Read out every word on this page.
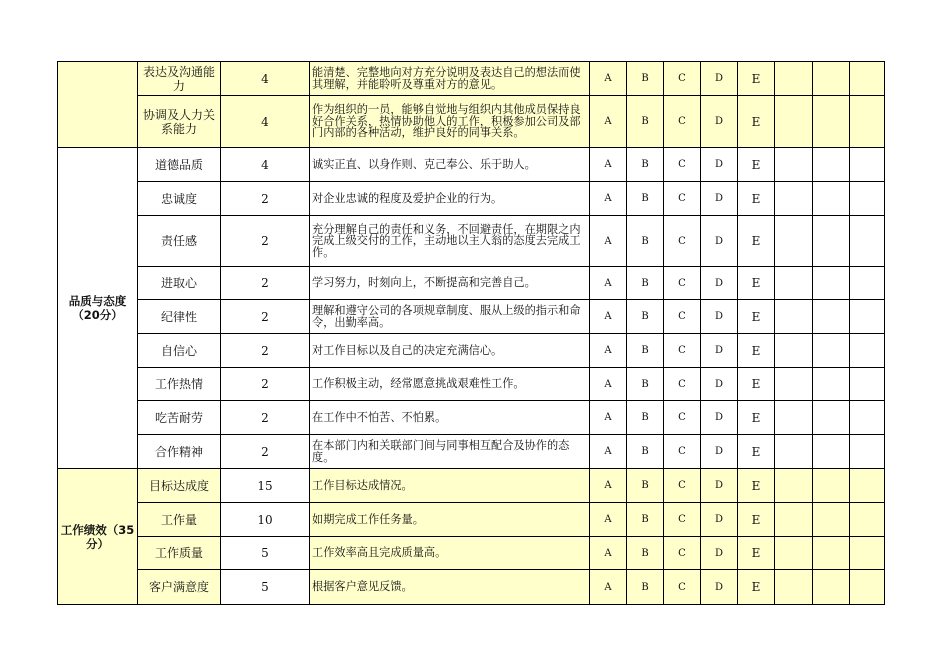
	表达及沟通能力	4	能清楚、完整地向对方充分说明及表达自己的想法而使其理解，并能聆听及尊重对方的意见。	A	B	C	D	E			
	协调及人力关系能力	4	作为组织的一员，能够自觉地与组织内其他成员保持良好合作关系，热情协助他人的工作，积极参加公司及部门内部的各种活动，维护良好的同事关系。	A	B	C	D	E			
品质与态度（20分）	道德品质	4	诚实正直、以身作则、克己奉公、乐于助人。	A	B	C	D	E			
	忠诚度	2	对企业忠诚的程度及爱护企业的行为。	A	B	C	D	E			
	责任感	2	充分理解自己的责任和义务，不回避责任，在期限之内完成上级交付的工作，主动地以主人翁的态度去完成工作。	A	B	C	D	E			
	进取心	2	学习努力，时刻向上，不断提高和完善自己。	A	B	C	D	E			
	纪律性	2	理解和遵守公司的各项规章制度、服从上级的指示和命令，出勤率高。	A	B	C	D	E			
	自信心	2	对工作目标以及自己的决定充满信心。	A	B	C	D	E			
	工作热情	2	工作积极主动，经常愿意挑战艰难性工作。	A	B	C	D	E			
	吃苦耐劳	2	在工作中不怕苦、不怕累。	A	B	C	D	E			
	合作精神	2	在本部门内和关联部门间与同事相互配合及协作的态度。	A	B	C	D	E			
工作绩效（35分）	目标达成度	15	工作目标达成情况。	A	B	C	D	E			
	工作量	10	如期完成工作任务量。	A	B	C	D	E			
	工作质量	5	工作效率高且完成质量高。	A	B	C	D	E			
	客户满意度	5	根据客户意见反馈。	A	B	C	D	E			
